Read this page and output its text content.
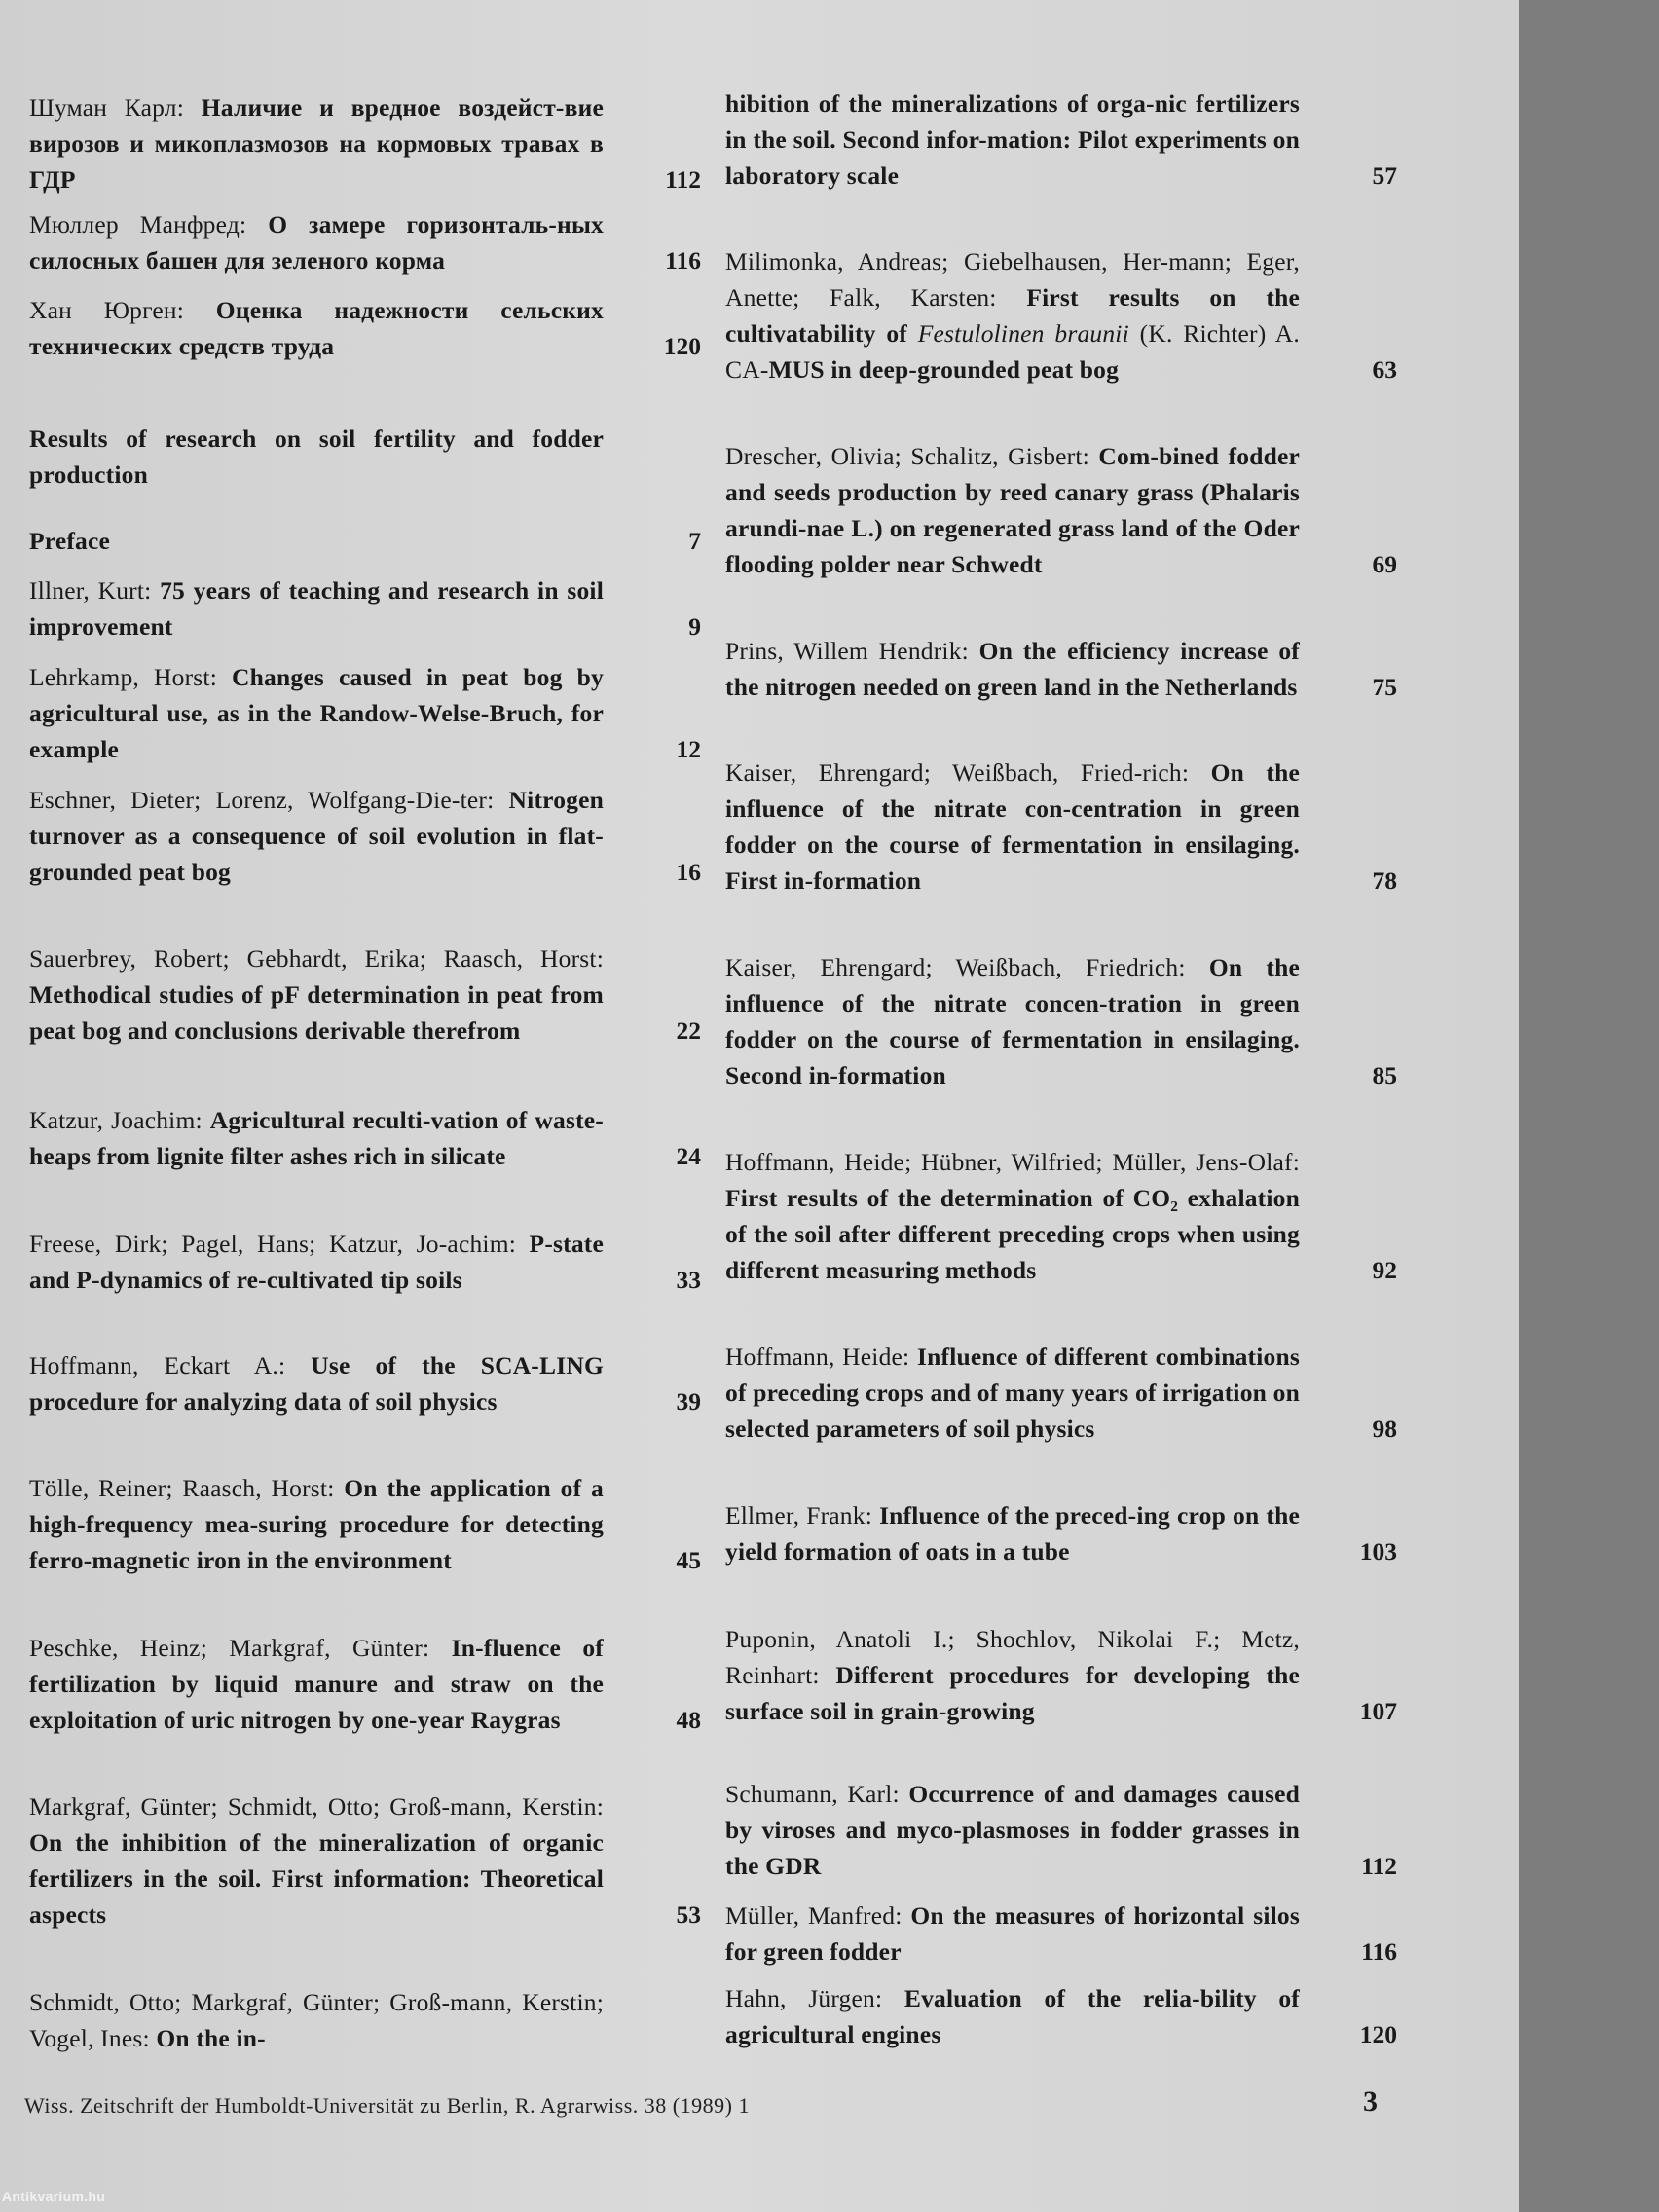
Шуман Карл: Наличие и вредное воздейст-вие вирозов и микоплазмозов на кормовых травах в ГДР	112
Мюллер Манфред: О замере горизонталь-ных силосных башен для зеленого корма	116
Хан Юрген: Оценка надежности сельских технических средств труда	120
Results of research on soil fertility and fodder production
Preface	7
Illner, Kurt: 75 years of teaching and research in soil improvement	9
Lehrkamp, Horst: Changes caused in peat bog by agricultural use, as in the Randow-Welse-Bruch, for example	12
Eschner, Dieter; Lorenz, Wolfgang-Die-ter: Nitrogen turnover as a consequence of soil evolution in flat-grounded peat bog	16
Sauerbrey, Robert; Gebhardt, Erika; Raasch, Horst: Methodical studies of pF determination in peat from peat bog and conclusions derivable therefrom	22
Katzur, Joachim: Agricultural reculti-vation of waste-heaps from lignite filter ashes rich in silicate	24
Freese, Dirk; Pagel, Hans; Katzur, Jo-achim: P-state and P-dynamics of re-cultivated tip soils	33
Hoffmann, Eckart A.: Use of the SCA-LING procedure for analyzing data of soil physics	39
Tölle, Reiner; Raasch, Horst: On the application of a high-frequency mea-suring procedure for detecting ferro-magnetic iron in the environment	45
Peschke, Heinz; Markgraf, Günter: In-fluence of fertilization by liquid manure and straw on the exploitation of uric nitrogen by one-year Raygras	48
Markgraf, Günter; Schmidt, Otto; Groß-mann, Kerstin: On the inhibition of the mineralization of organic fertilizers in the soil. First information: Theoretical aspects	53
Schmidt, Otto; Markgraf, Günter; Groß-mann, Kerstin; Vogel, Ines: On the in-
hibition of the mineralizations of orga-nic fertilizers in the soil. Second infor-mation: Pilot experiments on laboratory scale	57
Milimonka, Andreas; Giebelhausen, Her-mann; Eger, Anette; Falk, Karsten: First results on the cultivatability of Festulolinen braunii (K. Richter) A. CA-MUS in deep-grounded peat bog	63
Drescher, Olivia; Schalitz, Gisbert: Com-bined fodder and seeds production by reed canary grass (Phalaris arundi-nae L.) on regenerated grass land of the Oder flooding polder near Schwedt	69
Prins, Willem Hendrik: On the efficiency increase of the nitrogen needed on green land in the Netherlands	75
Kaiser, Ehrengard; Weißbach, Fried-rich: On the influence of the nitrate con-centration in green fodder on the course of fermentation in ensilaging. First in-formation	78
Kaiser, Ehrengard; Weißbach, Friedrich: On the influence of the nitrate concen-tration in green fodder on the course of fermentation in ensilaging. Second in-formation	85
Hoffmann, Heide; Hübner, Wilfried; Müller, Jens-Olaf: First results of the determination of CO₂ exhalation of the soil after different preceding crops when using different measuring methods	92
Hoffmann, Heide: Influence of different combinations of preceding crops and of many years of irrigation on selected parameters of soil physics	98
Ellmer, Frank: Influence of the preced-ing crop on the yield formation of oats in a tube	103
Puponin, Anatoli I.; Shochlov, Nikolai F.; Metz, Reinhart: Different procedures for developing the surface soil in grain-growing	107
Schumann, Karl: Occurrence of and damages caused by viroses and myco-plasmoses in fodder grasses in the GDR	112
Müller, Manfred: On the measures of horizontal silos for green fodder	116
Hahn, Jürgen: Evaluation of the relia-bility of agricultural engines	120
Wiss. Zeitschrift der Humboldt-Universität zu Berlin, R. Agrarwiss. 38 (1989) 1	3
Antikvarium.hu
